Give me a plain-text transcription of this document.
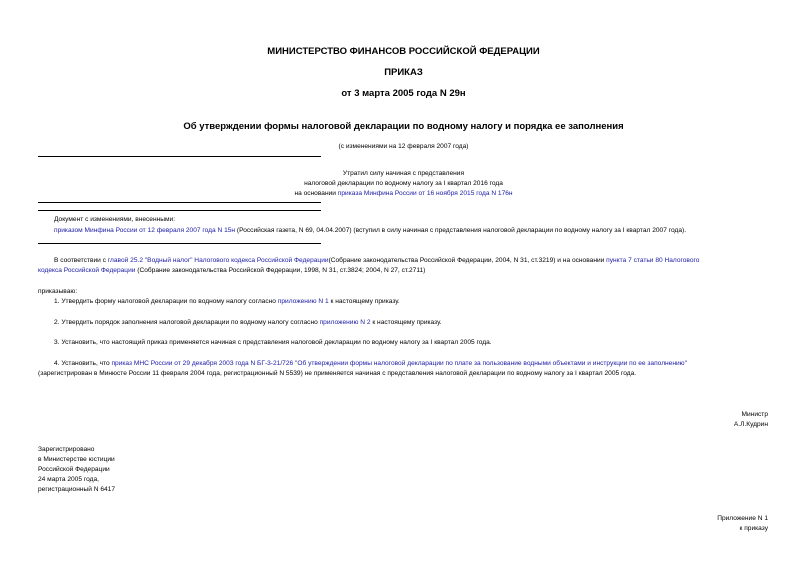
МИНИСТЕРСТВО ФИНАНСОВ РОССИЙСКОЙ ФЕДЕРАЦИИ
ПРИКАЗ
от 3 марта 2005 года N 29н
Об утверждении формы налоговой декларации по водному налогу и порядка ее заполнения
(с изменениями на 12 февраля 2007 года)
Утратил силу начиная с представления
налоговой декларации по водному налогу за I квартал 2016 года
на основании приказа Минфина России от 16 ноября 2015 года N 176н
Документ с изменениями, внесенными:
приказом Минфина России от 12 февраля 2007 года N 15н (Российская газета, N 69, 04.04.2007) (вступил в силу начиная с представления налоговой декларации по водному налогу за I квартал 2007 года).
В соответствии с главой 25.2 "Водный налог" Налогового кодекса Российской Федерации(Собрание законодательства Российской Федерации, 2004, N 31, ст.3219) и на основании пункта 7 статьи 80 Налогового
кодекса Российской Федерации (Собрание законодательства Российской Федерации, 1998, N 31, ст.3824; 2004, N 27, ст.2711)
приказываю:
1. Утвердить форму налоговой декларации по водному налогу согласно приложению N 1 к настоящему приказу.
2. Утвердить порядок заполнения налоговой декларации по водному налогу согласно приложению N 2 к настоящему приказу.
3. Установить, что настоящий приказ применяется начиная с представления налоговой декларации по водному налогу за I квартал 2005 года.
4. Установить, что приказ МНС России от 29 декабря 2003 года N БГ-3-21/726 "Об утверждении формы налоговой декларации по плате за пользование водными объектами и инструкции по ее заполнению"
(зарегистрирован в Минюсте России 11 февраля 2004 года, регистрационный N 5539) не применяется начиная с представления налоговой декларации по водному налогу за I квартал 2005 года.
Министр
А.Л.Кудрин
Зарегистрировано
в Министерстве юстиции
Российской Федерации
24 марта 2005 года,
регистрационный N 6417
Приложение N 1
к приказу
